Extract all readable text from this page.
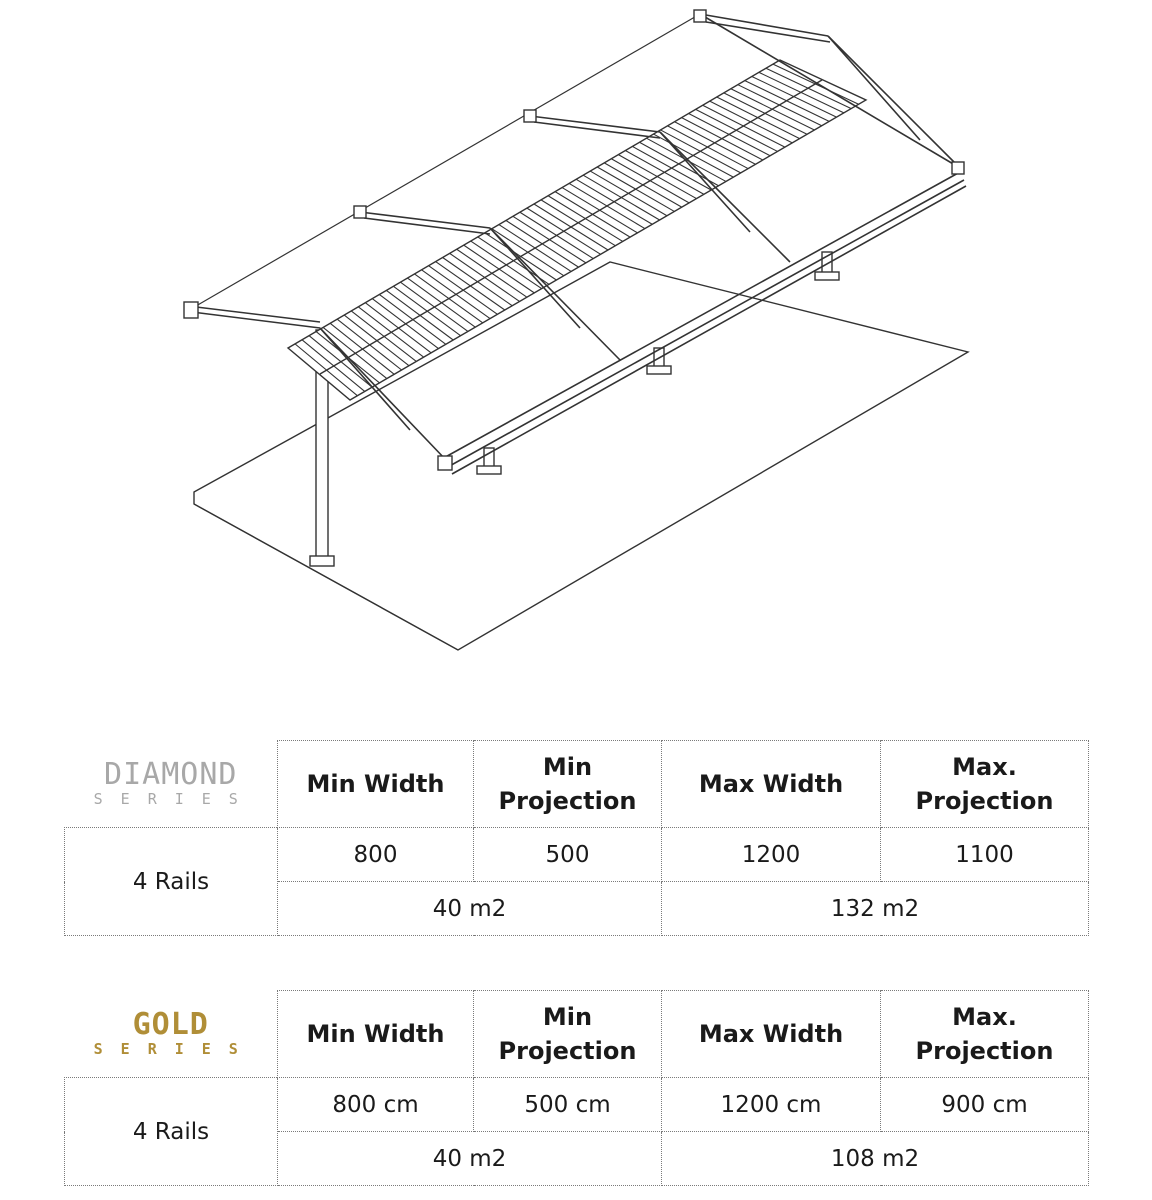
DIAMOND
SERIES	Min Width	Min Projection	Max Width	Max. Projection
4 Rails	800	500	1200	1100
	40 m2		132 m2	
GOLD
SERIES	Min Width	Min Projection	Max Width	Max. Projection
4 Rails	800 cm	500 cm	1200 cm	900 cm
	40 m2		108 m2	
